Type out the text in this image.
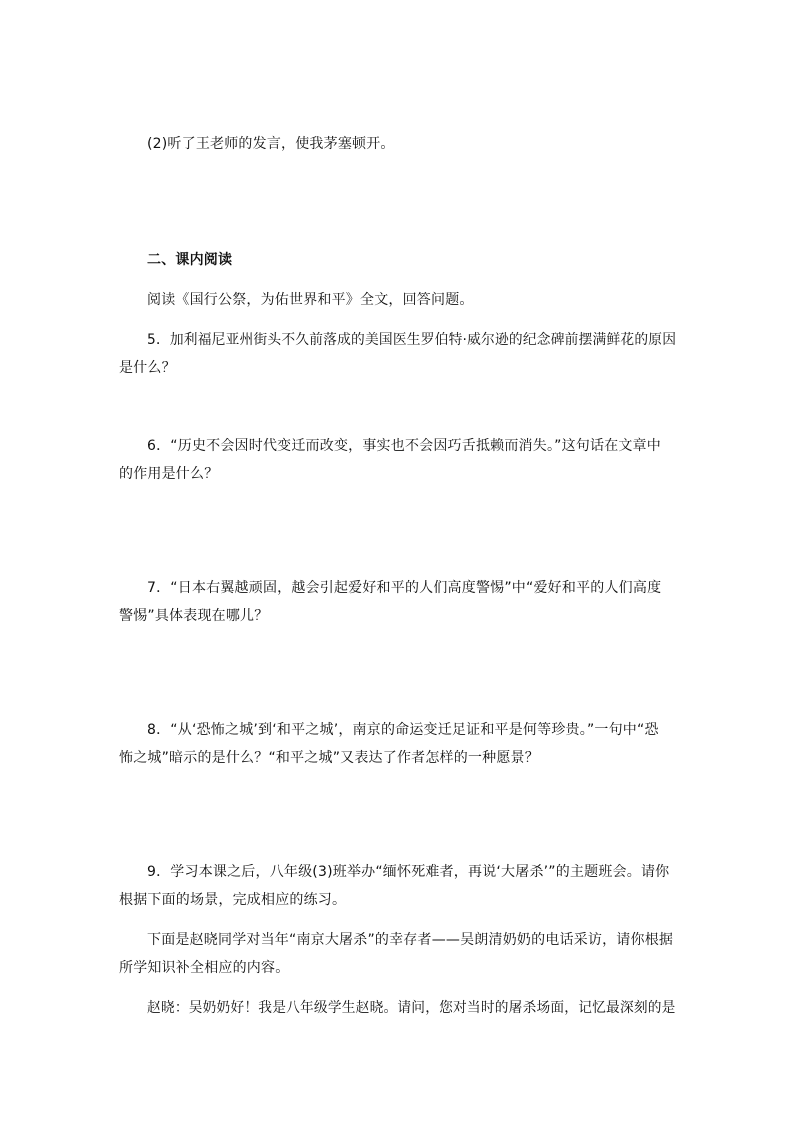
(2)听了王老师的发言，使我茅塞顿开。
二、课内阅读
阅读《国行公祭，为佑世界和平》全文，回答问题。
5．加利福尼亚州街头不久前落成的美国医生罗伯特·威尔逊的纪念碑前摆满鲜花的原因
是什么？
6．“历史不会因时代变迁而改变，事实也不会因巧舌抵赖而消失。”这句话在文章中
的作用是什么？
7．“日本右翼越顽固，越会引起爱好和平的人们高度警惕”中“爱好和平的人们高度
警惕”具体表现在哪儿？
8．“从‘恐怖之城’到‘和平之城’，南京的命运变迁足证和平是何等珍贵。”一句中“恐
怖之城”暗示的是什么？“和平之城”又表达了作者怎样的一种愿景？
9．学习本课之后，八年级(3)班举办“缅怀死难者，再说‘大屠杀’”的主题班会。请你
根据下面的场景，完成相应的练习。
下面是赵晓同学对当年“南京大屠杀”的幸存者——吴朗清奶奶的电话采访，请你根据
所学知识补全相应的内容。
赵晓：吴奶奶好！我是八年级学生赵晓。请问，您对当时的屠杀场面，记忆最深刻的是
